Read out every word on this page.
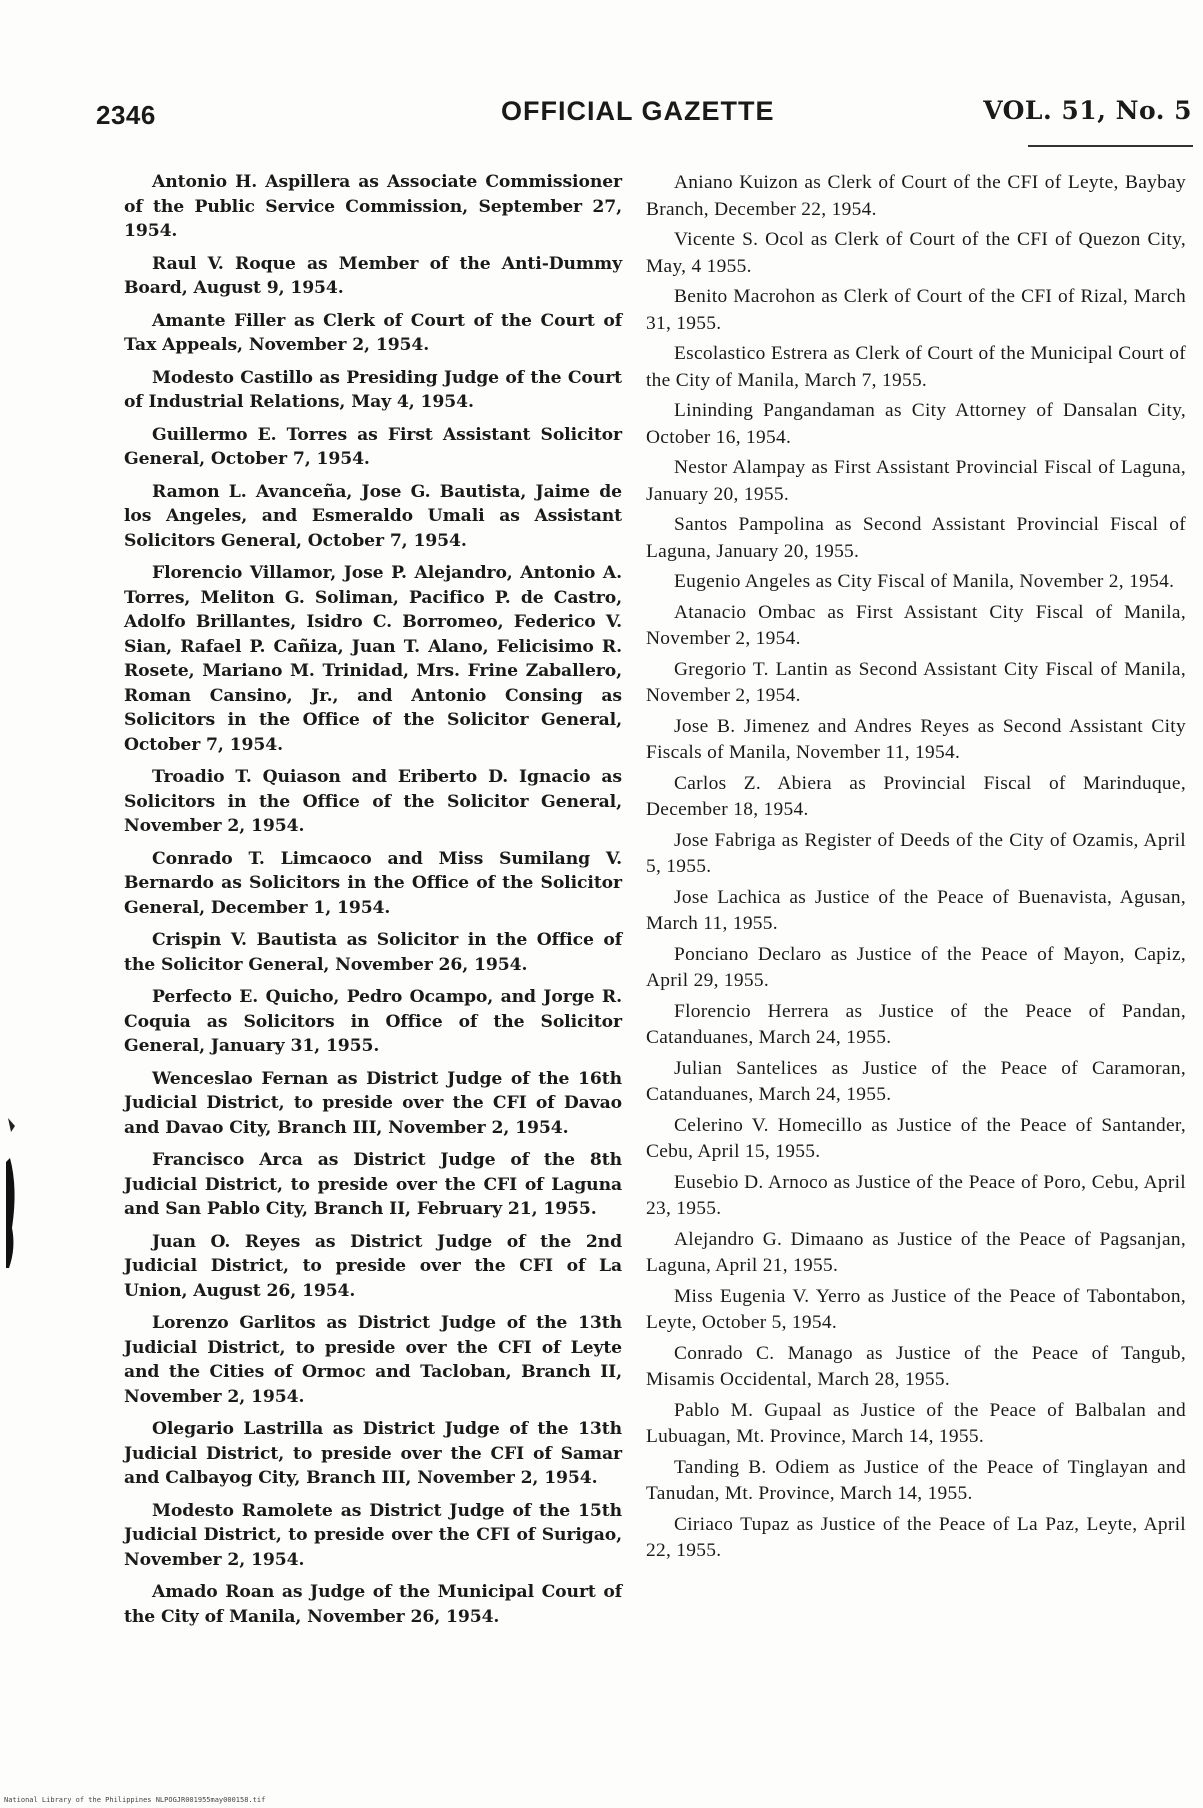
2346	OFFICIAL GAZETTE	VOL. 51, No. 5

Antonio H. Aspillera as Associate Commissioner of the Public Service Commission, September 27, 1954.

Raul V. Roque as Member of the Anti-Dummy Board, August 9, 1954.

Amante Filler as Clerk of Court of the Court of Tax Appeals, November 2, 1954.

Modesto Castillo as Presiding Judge of the Court of Industrial Relations, May 4, 1954.

Guillermo E. Torres as First Assistant Solicitor General, October 7, 1954.

Ramon L. Avanceña, Jose G. Bautista, Jaime de los Angeles, and Esmeraldo Umali as Assistant Solicitors General, October 7, 1954.

Florencio Villamor, Jose P. Alejandro, Antonio A. Torres, Meliton G. Soliman, Pacifico P. de Castro, Adolfo Brillantes, Isidro C. Borromeo, Federico V. Sian, Rafael P. Cañiza, Juan T. Alano, Felicisimo R. Rosete, Mariano M. Trinidad, Mrs. Frine Zaballero, Roman Cansino, Jr., and Antonio Consing as Solicitors in the Office of the Solicitor General, October 7, 1954.

Troadio T. Quiason and Eriberto D. Ignacio as Solicitors in the Office of the Solicitor General, November 2, 1954.

Conrado T. Limcaoco and Miss Sumilang V. Bernardo as Solicitors in the Office of the Solicitor General, December 1, 1954.

Crispin V. Bautista as Solicitor in the Office of the Solicitor General, November 26, 1954.

Perfecto E. Quicho, Pedro Ocampo, and Jorge R. Coquia as Solicitors in Office of the Solicitor General, January 31, 1955.

Wenceslao Fernan as District Judge of the 16th Judicial District, to preside over the CFI of Davao and Davao City, Branch III, November 2, 1954.

Francisco Arca as District Judge of the 8th Judicial District, to preside over the CFI of Laguna and San Pablo City, Branch II, February 21, 1955.

Juan O. Reyes as District Judge of the 2nd Judicial District, to preside over the CFI of La Union, August 26, 1954.

Lorenzo Garlitos as District Judge of the 13th Judicial District, to preside over the CFI of Leyte and the Cities of Ormoc and Tacloban, Branch II, November 2, 1954.

Olegario Lastrilla as District Judge of the 13th Judicial District, to preside over the CFI of Samar and Calbayog City, Branch III, November 2, 1954.

Modesto Ramolete as District Judge of the 15th Judicial District, to preside over the CFI of Surigao, November 2, 1954.

Amado Roan as Judge of the Municipal Court of the City of Manila, November 26, 1954.

Aniano Kuizon as Clerk of Court of the CFI of Leyte, Baybay Branch, December 22, 1954.

Vicente S. Ocol as Clerk of Court of the CFI of Quezon City, May, 4 1955.

Benito Macrohon as Clerk of Court of the CFI of Rizal, March 31, 1955.

Escolastico Estrera as Clerk of Court of the Municipal Court of the City of Manila, March 7, 1955.

Lininding Pangandaman as City Attorney of Dansalan City, October 16, 1954.

Nestor Alampay as First Assistant Provincial Fiscal of Laguna, January 20, 1955.

Santos Pampolina as Second Assistant Provincial Fiscal of Laguna, January 20, 1955.

Eugenio Angeles as City Fiscal of Manila, November 2, 1954.

Atanacio Ombac as First Assistant City Fiscal of Manila, November 2, 1954.

Gregorio T. Lantin as Second Assistant City Fiscal of Manila, November 2, 1954.

Jose B. Jimenez and Andres Reyes as Second Assistant City Fiscals of Manila, November 11, 1954.

Carlos Z. Abiera as Provincial Fiscal of Marinduque, December 18, 1954.

Jose Fabriga as Register of Deeds of the City of Ozamis, April 5, 1955.

Jose Lachica as Justice of the Peace of Buenavista, Agusan, March 11, 1955.

Ponciano Declaro as Justice of the Peace of Mayon, Capiz, April 29, 1955.

Florencio Herrera as Justice of the Peace of Pandan, Catanduanes, March 24, 1955.

Julian Santelices as Justice of the Peace of Caramoran, Catanduanes, March 24, 1955.

Celerino V. Homecillo as Justice of the Peace of Santander, Cebu, April 15, 1955.

Eusebio D. Arnoco as Justice of the Peace of Poro, Cebu, April 23, 1955.

Alejandro G. Dimaano as Justice of the Peace of Pagsanjan, Laguna, April 21, 1955.

Miss Eugenia V. Yerro as Justice of the Peace of Tabontabon, Leyte, October 5, 1954.

Conrado C. Manago as Justice of the Peace of Tangub, Misamis Occidental, March 28, 1955.

Pablo M. Gupaal as Justice of the Peace of Balbalan and Lubuagan, Mt. Province, March 14, 1955.

Tanding B. Odiem as Justice of the Peace of Tinglayan and Tanudan, Mt. Province, March 14, 1955.

Ciriaco Tupaz as Justice of the Peace of La Paz, Leyte, April 22, 1955.

National Library of the Philippines NLPOGJR001955may000158.tif
